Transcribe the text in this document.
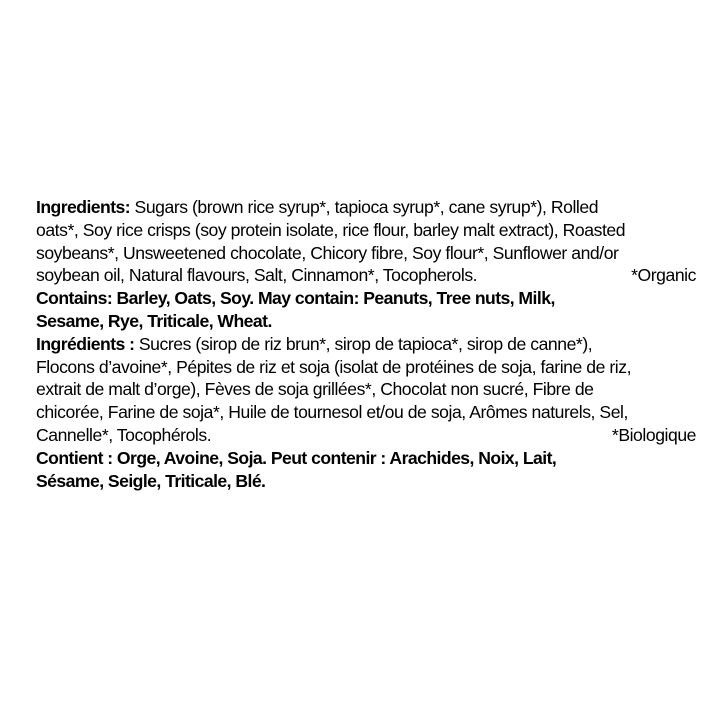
Ingredients: Sugars (brown rice syrup*, tapioca syrup*, cane syrup*), Rolled
oats*, Soy rice crisps (soy protein isolate, rice flour, barley malt extract), Roasted
soybeans*, Unsweetened chocolate, Chicory fibre, Soy flour*, Sunflower and/or
soybean oil, Natural flavours, Salt, Cinnamon*, Tocopherols.	*Organic
Contains: Barley, Oats, Soy. May contain: Peanuts, Tree nuts, Milk,
Sesame, Rye, Triticale, Wheat.
Ingrédients : Sucres (sirop de riz brun*, sirop de tapioca*, sirop de canne*),
Flocons d’avoine*, Pépites de riz et soja (isolat de protéines de soja, farine de riz,
extrait de malt d’orge), Fèves de soja grillées*, Chocolat non sucré, Fibre de
chicorée, Farine de soja*, Huile de tournesol et/ou de soja, Arômes naturels, Sel,
Cannelle*, Tocophérols.	*Biologique
Contient : Orge, Avoine, Soja. Peut contenir : Arachides, Noix, Lait,
Sésame, Seigle, Triticale, Blé.
